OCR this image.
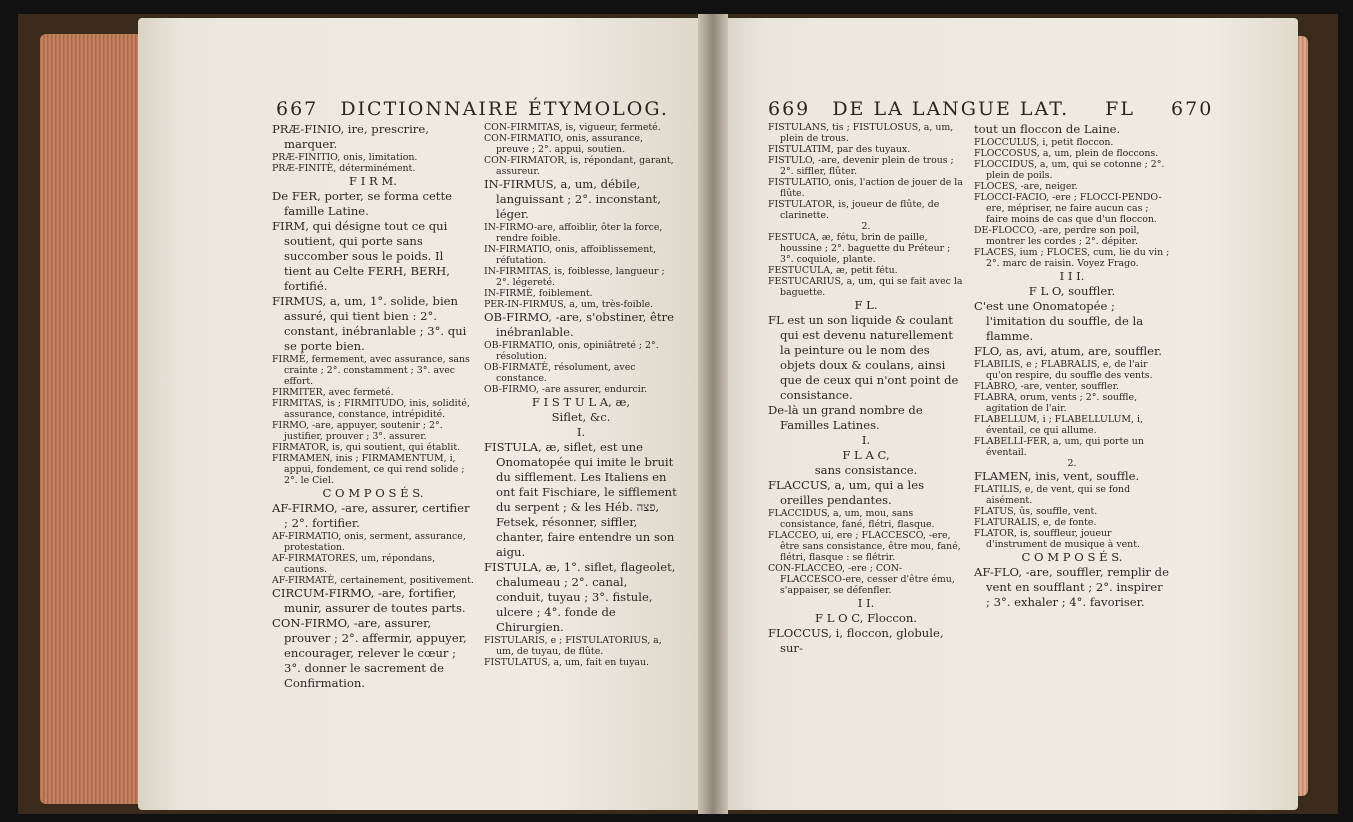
667 DICTIONNAIRE ÉTYMOLOG.

PRÆ-FINIO, ire, prescrire, marquer.

PRÆ-FINITIO, onis, limitation.

PRÆ-FINITÈ, déterminément.

F I R M.

De FER, porter, se forma cette famille Latine.

FIRM, qui désigne tout ce qui soutient, qui porte sans succomber sous le poids. Il tient au Celte FERH, BERH, fortifié.

FIRMUS, a, um, 1°. solide, bien assuré, qui tient bien : 2°. constant, inébranlable ; 3°. qui se porte bien.

FIRMÈ, fermement, avec assurance, sans crainte ; 2°. constamment ; 3°. avec effort.

FIRMITER, avec fermeté.

FIRMITAS, is ; FIRMITUDO, inis, solidité, assurance, constance, intrépidité.

FIRMO, -are, appuyer, soutenir ; 2°. justifier, prouver ; 3°. assurer.

FIRMATOR, is, qui soutient, qui établit.

FIRMAMEN, inis ; FIRMAMENTUM, i, appui, fondement, ce qui rend solide ; 2°. le Ciel.

C O M P O S É S.

AF-FIRMO, -are, assurer, certifier ; 2°. fortifier.

AF-FIRMATIO, onis, serment, assurance, protestation.

AF-FIRMATORES, um, répondans, cautions.

AF-FIRMATÈ, certainement, positivement.

CIRCUM-FIRMO, -are, fortifier, munir, assurer de toutes parts.

CON-FIRMO, -are, assurer, prouver ; 2°. affermir, appuyer, encourager, relever le cœur ; 3°. donner le sacrement de Confirmation.

CON-FIRMITAS, is, vigueur, fermeté.

CON-FIRMATIO, onis, assurance, preuve ; 2°. appui, soutien.

CON-FIRMATOR, is, répondant, garant, assureur.

IN-FIRMUS, a, um, débile, languissant ; 2°. inconstant, léger.

IN-FIRMO-are, affoiblir, ôter la force, rendre foible.

IN-FIRMATIO, onis, affoiblissement, réfutation.

IN-FIRMITAS, is, foiblesse, langueur ; 2°. légereté.

IN-FIRMÈ, foiblement.

PER-IN-FIRMUS, a, um, très-foible.

OB-FIRMO, -are, s'obstiner, être inébranlable.

OB-FIRMATIO, onis, opiniâtreté ; 2°. résolution.

OB-FIRMATÈ, résolument, avec constance.

OB-FIRMO, -are assurer, endurcir.

F I S T U L A, æ,

Siflet, &c.

I.

FISTULA, æ, siflet, est une Onomatopée qui imite le bruit du sifflement. Les Italiens en ont fait Fischiare, le sifflement du serpent ; & les Héb. פצה, Fetsek, résonner, siffler, chanter, faire entendre un son aigu.

FISTULA, æ, 1°. siflet, flageolet, chalumeau ; 2°. canal, conduit, tuyau ; 3°. fistule, ulcere ; 4°. fonde de Chirurgien.

FISTULARIS, e ; FISTULATORIUS, a, um, de tuyau, de flûte.

FISTULATUS, a, um, fait en tuyau.

669 DE LA LANGUE LAT. FL 670

FISTULANS, tis ; FISTULOSUS, a, um, plein de trous.

FISTULATIM, par des tuyaux.

FISTULO, -are, devenir plein de trous ; 2°. siffler, flûter.

FISTULATIO, onis, l'action de jouer de la flûte.

FISTULATOR, is, joueur de flûte, de clarinette.

2.

FESTUCA, æ, fétu, brin de paille, houssine ; 2°. baguette du Préteur ; 3°. coquiole, plante.

FESTUCULA, æ, petit fétu.

FESTUCARIUS, a, um, qui se fait avec la baguette.

F L.

FL est un son liquide & coulant qui est devenu naturellement la peinture ou le nom des objets doux & coulans, ainsi que de ceux qui n'ont point de consistance.

De-là un grand nombre de Familles Latines.

I.

F L A C,

sans consistance.

FLACCUS, a, um, qui a les oreilles pendantes.

FLACCIDUS, a, um, mou, sans consistance, fané, flétri, flasque.

FLACCEO, ui, ere ; FLACCESCO, -ere, être sans consistance, être mou, fané, flétri, flasque : se flétrir.

CON-FLACCEO, -ere ; CON-FLACCESCO-ere, cesser d'être ému, s'appaiser, se défenfler.

I I.

F L O C, Floccon.

FLOCCUS, i, floccon, globule, sur-

tout un floccon de Laine.

FLOCCULUS, i, petit floccon.

FLOCCOSUS, a, um, plein de floccons.

FLOCCIDUS, a, um, qui se cotonne ; 2°. plein de poils.

FLOCES, -are, neiger.

FLOCCI-FACIO, -ere ; FLOCCI-PENDO-ere, mépriser, ne faire aucun cas ; faire moins de cas que d'un floccon.

DE-FLOCCO, -are, perdre son poil, montrer les cordes ; 2°. dépiter.

FLACES, ium ; FLOCES, cum, lie du vin ; 2°. marc de raisin. Voyez Frago.

I I I.

F L O, souffler.

C'est une Onomatopée ; l'imitation du souffle, de la flamme.

FLO, as, avi, atum, are, souffler.

FLABILIS, e ; FLABRALIS, e, de l'air qu'on respire, du souffle des vents.

FLABRO, -are, venter, souffler.

FLABRA, orum, vents ; 2°. souffle, agitation de l'air.

FLABELLUM, i ; FLABELLULUM, i, éventail, ce qui allume.

FLABELLI-FER, a, um, qui porte un éventail.

2.

FLAMEN, inis, vent, souffle.

FLATILIS, e, de vent, qui se fond aisément.

FLATUS, ûs, souffle, vent.

FLATURALIS, e, de fonte.

FLATOR, is, souffleur, joueur d'instrument de musique à vent.

C O M P O S É S.

AF-FLO, -are, souffler, remplir de vent en soufflant ; 2°. inspirer ; 3°. exhaler ; 4°. favoriser.
